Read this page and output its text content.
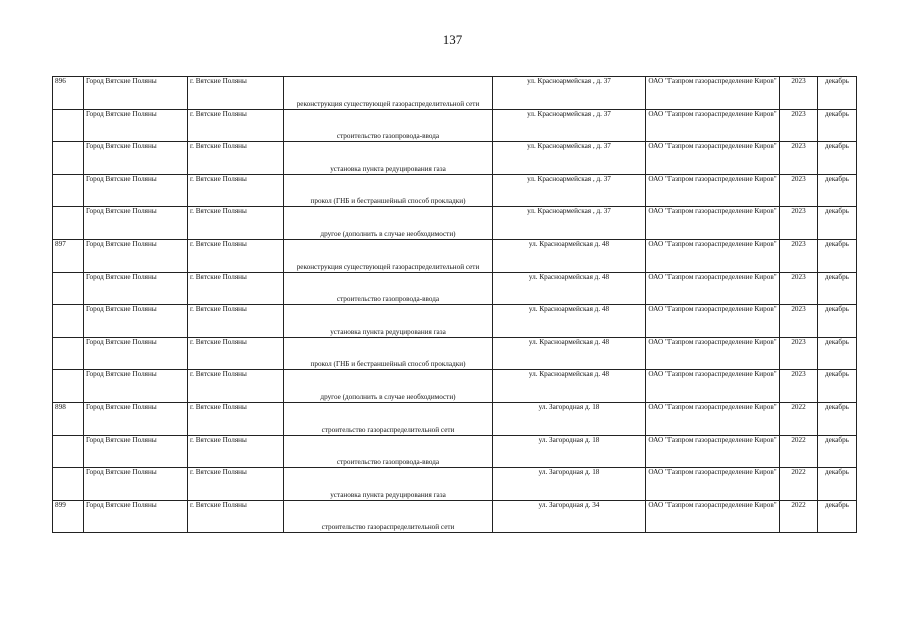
137
896	Город Вятские Поляны	г. Вятские Поляны	реконструкция существующей газораспределительной сети	ул. Красноармейская , д. 37	ОАО "Газпром газораспределение Киров"	2023	декабрь
	Город Вятские Поляны	г. Вятские Поляны	строительство газопровода-ввода	ул. Красноармейская , д. 37	ОАО "Газпром газораспределение Киров"	2023	декабрь
	Город Вятские Поляны	г. Вятские Поляны	установка пункта редуцирования газа	ул. Красноармейская , д. 37	ОАО "Газпром газораспределение Киров"	2023	декабрь
	Город Вятские Поляны	г. Вятские Поляны	прокол (ГНБ и бестраншейный способ прокладки)	ул. Красноармейская , д. 37	ОАО "Газпром газораспределение Киров"	2023	декабрь
	Город Вятские Поляны	г. Вятские Поляны	другое (дополнить в случае необходимости)	ул. Красноармейская , д. 37	ОАО "Газпром газораспределение Киров"	2023	декабрь
897	Город Вятские Поляны	г. Вятские Поляны	реконструкция существующей газораспределительной сети	ул. Красноармейская д. 48	ОАО "Газпром газораспределение Киров"	2023	декабрь
	Город Вятские Поляны	г. Вятские Поляны	строительство газопровода-ввода	ул. Красноармейская д. 48	ОАО "Газпром газораспределение Киров"	2023	декабрь
	Город Вятские Поляны	г. Вятские Поляны	установка пункта редуцирования газа	ул. Красноармейская д. 48	ОАО "Газпром газораспределение Киров"	2023	декабрь
	Город Вятские Поляны	г. Вятские Поляны	прокол (ГНБ и бестраншейный способ прокладки)	ул. Красноармейская д. 48	ОАО "Газпром газораспределение Киров"	2023	декабрь
	Город Вятские Поляны	г. Вятские Поляны	другое (дополнить в случае необходимости)	ул. Красноармейская д. 48	ОАО "Газпром газораспределение Киров"	2023	декабрь
898	Город Вятские Поляны	г. Вятские Поляны	строительство газораспределительной сети	ул. Загородная д. 18	ОАО "Газпром газораспределение Киров"	2022	декабрь
	Город Вятские Поляны	г. Вятские Поляны	строительство газопровода-ввода	ул. Загородная д. 18	ОАО "Газпром газораспределение Киров"	2022	декабрь
	Город Вятские Поляны	г. Вятские Поляны	установка пункта редуцирования газа	ул. Загородная д. 18	ОАО "Газпром газораспределение Киров"	2022	декабрь
899	Город Вятские Поляны	г. Вятские Поляны	строительство газораспределительной сети	ул. Загородная д. 34	ОАО "Газпром газораспределение Киров"	2022	декабрь
